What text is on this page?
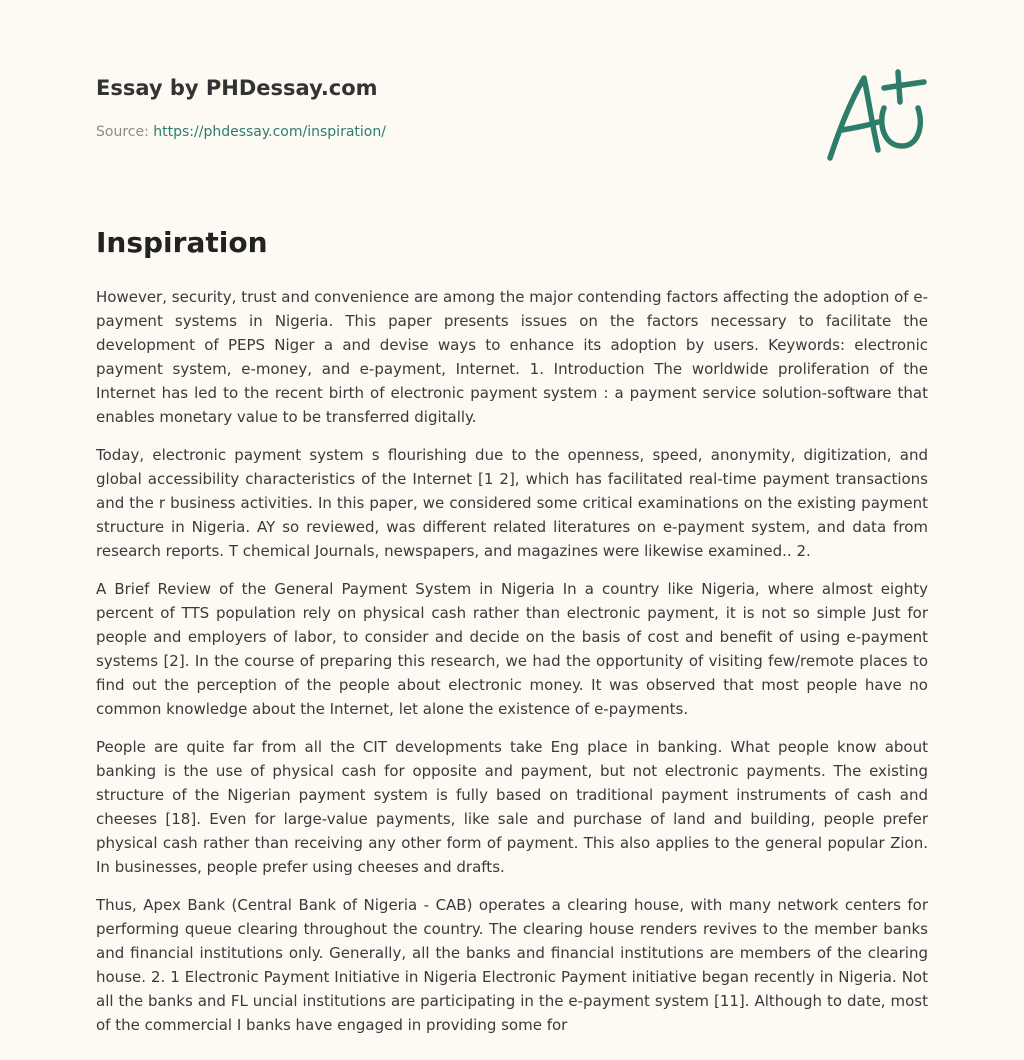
Essay by PHDessay.com
Source: https://phdessay.com/inspiration/
Inspiration

However, security, trust and convenience are among the major contending factors affecting the adoption of e-payment systems in Nigeria. This paper presents issues on the factors necessary to facilitate the development of PEPS Niger a and devise ways to enhance its adoption by users. Keywords: electronic payment system, e-money, and e-payment, Internet. 1. Introduction The worldwide proliferation of the Internet has led to the recent birth of electronic payment system : a payment service solution-software that enables monetary value to be transferred digitally.

Today, electronic payment system s flourishing due to the openness, speed, anonymity, digitization, and global accessibility characteristics of the Internet [1 2], which has facilitated real-time payment transactions and the r business activities. In this paper, we considered some critical examinations on the existing payment structure in Nigeria. AY so reviewed, was different related literatures on e-payment system, and data from research reports. T chemical Journals, newspapers, and magazines were likewise examined.. 2.

A Brief Review of the General Payment System in Nigeria In a country like Nigeria, where almost eighty percent of TTS population rely on physical cash rather than electronic payment, it is not so simple Just for people and employers of labor, to consider and decide on the basis of cost and benefit of using e-payment systems [2]. In the course of preparing this research, we had the opportunity of visiting few/remote places to find out the perception of the people about electronic money. It was observed that most people have no common knowledge about the Internet, let alone the existence of e-payments.

People are quite far from all the CIT developments take Eng place in banking. What people know about banking is the use of physical cash for opposite and payment, but not electronic payments. The existing structure of the Nigerian payment system is fully based on traditional payment instruments of cash and cheeses [18]. Even for large-value payments, like sale and purchase of land and building, people prefer physical cash rather than receiving any other form of payment. This also applies to the general popular Zion. In businesses, people prefer using cheeses and drafts.

Thus, Apex Bank (Central Bank of Nigeria - CAB) operates a clearing house, with many network centers for performing queue clearing throughout the country. The clearing house renders revives to the member banks and financial institutions only. Generally, all the banks and financial institutions are members of the clearing house. 2. 1 Electronic Payment Initiative in Nigeria Electronic Payment initiative began recently in Nigeria. Not all the banks and FL uncial institutions are participating in the e-payment system [11]. Although to date, most of the commercial I banks have engaged in providing some for
